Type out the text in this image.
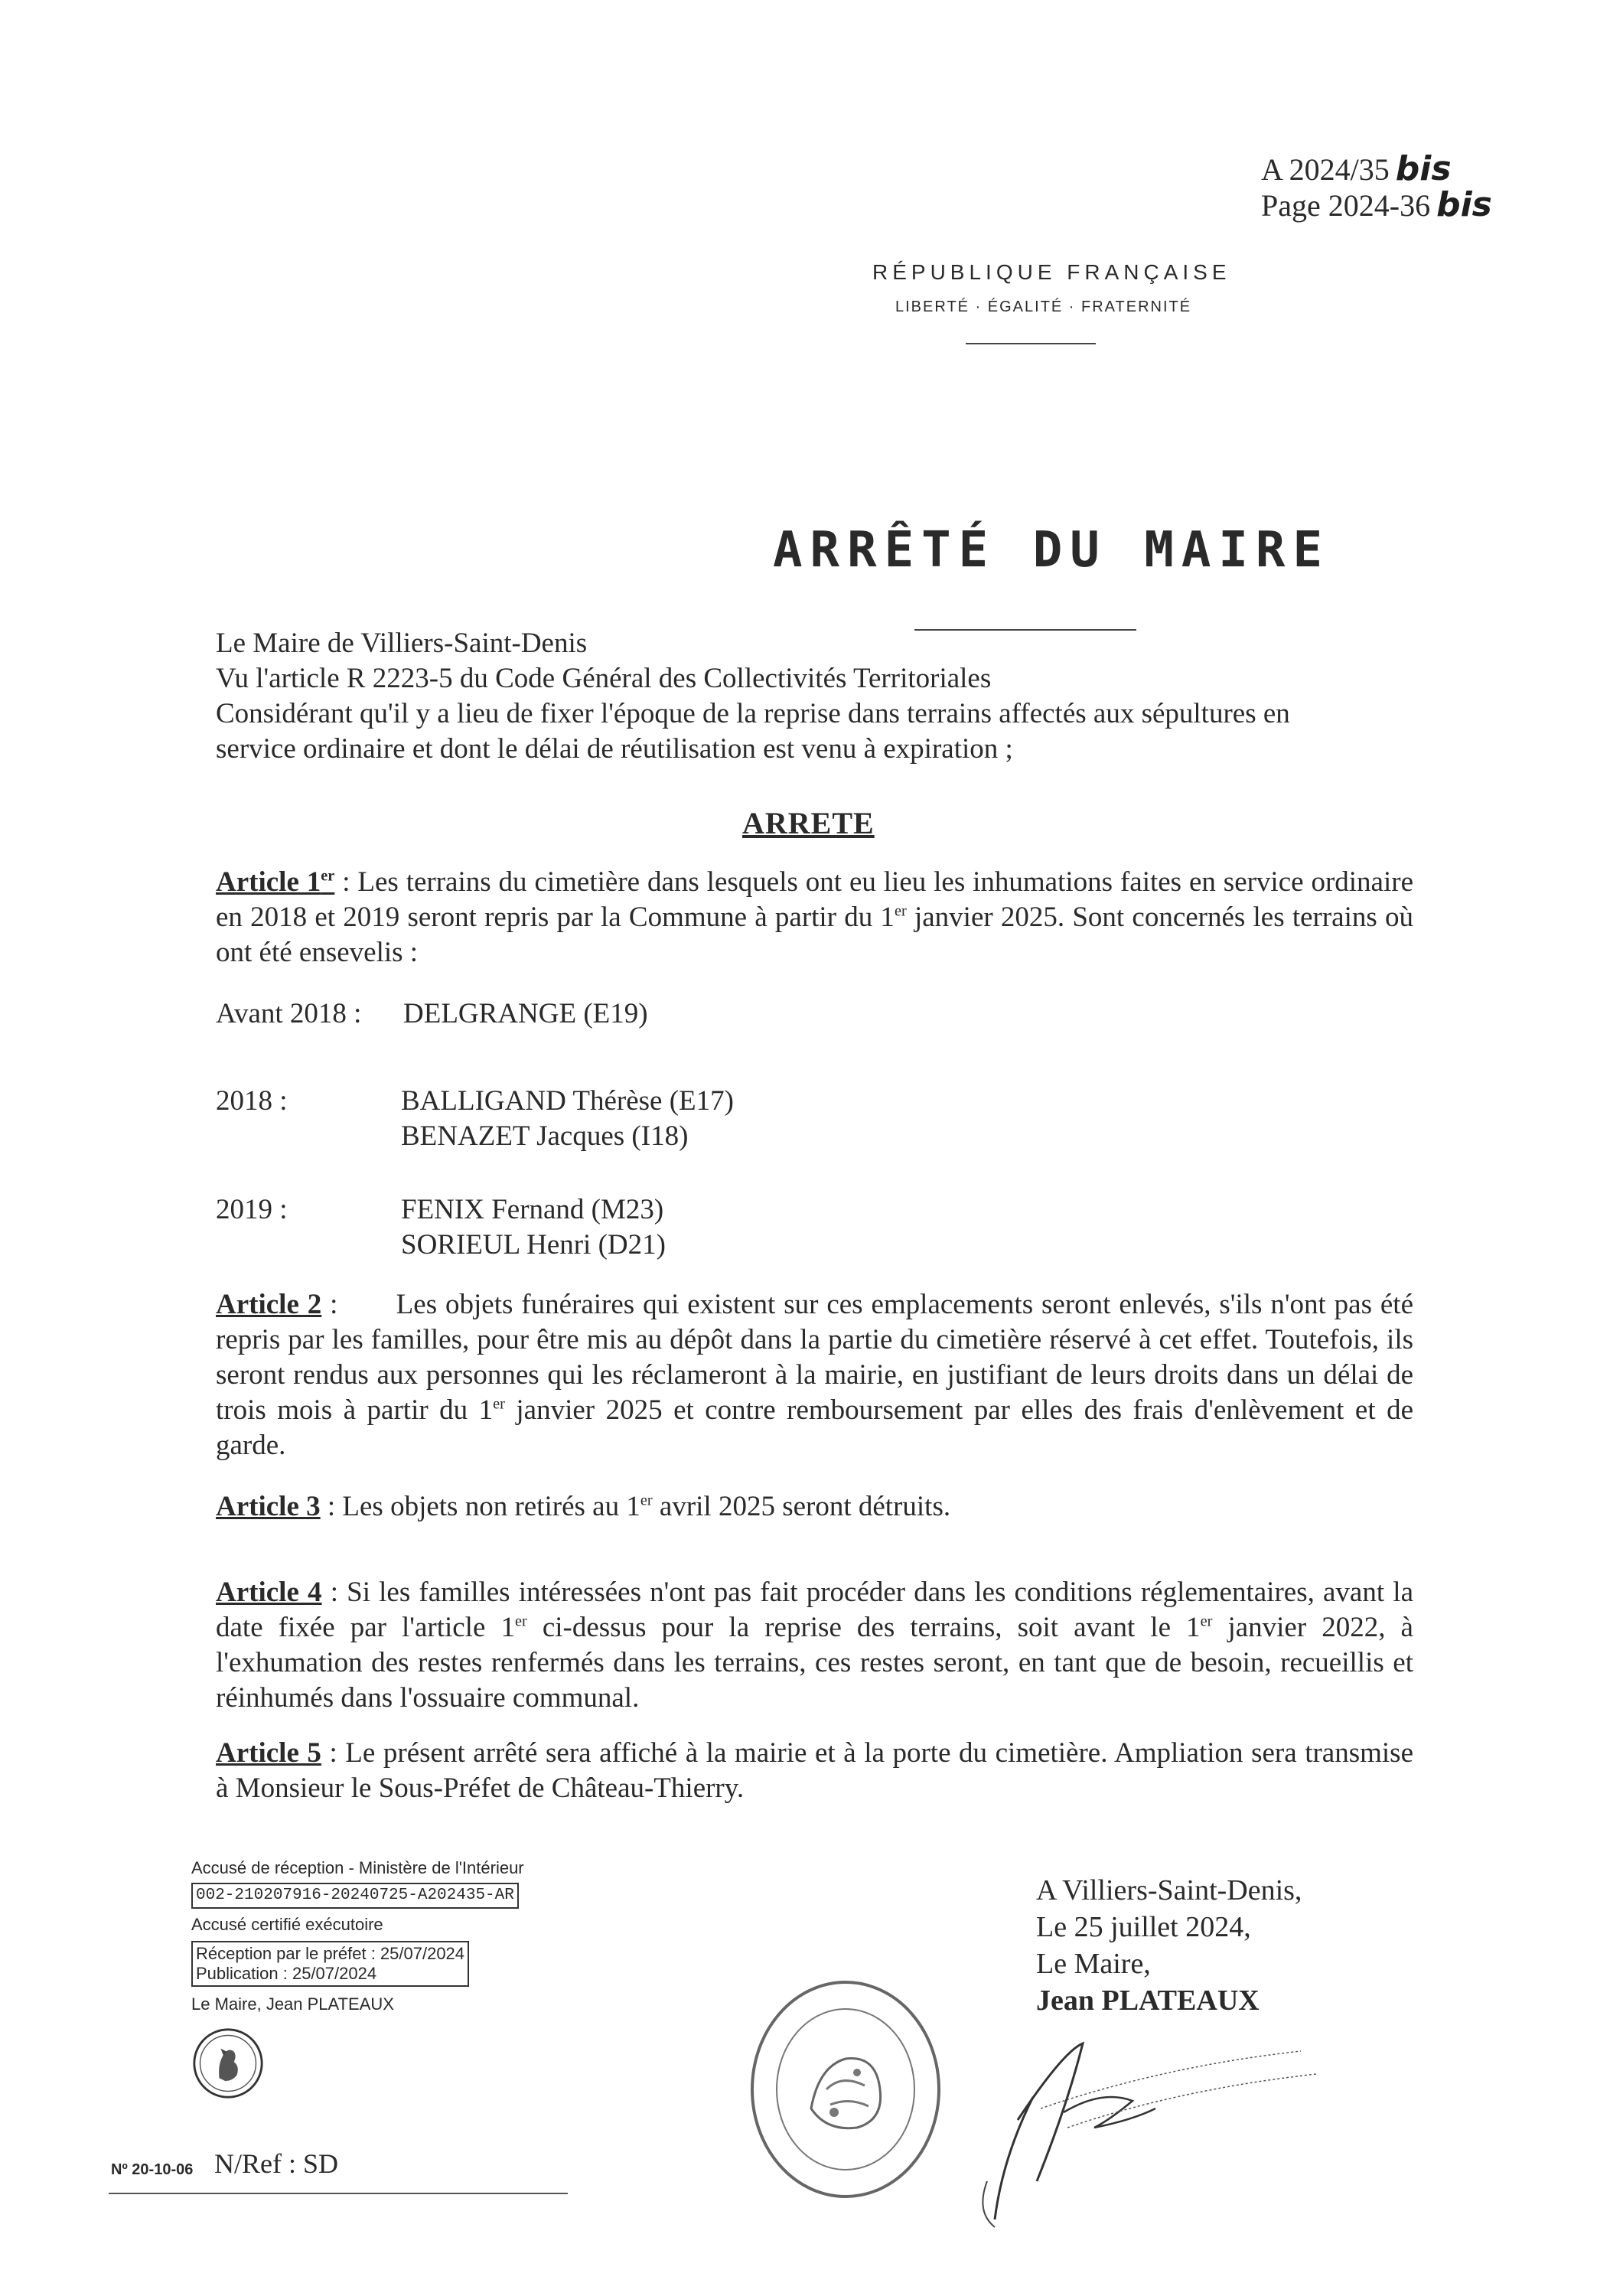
A 2024/35 bis
Page 2024-36 bis
RÉPUBLIQUE FRANÇAISE
LIBERTÉ · ÉGALITÉ · FRATERNITÉ
ARRÊTÉ DU MAIRE
Le Maire de Villiers-Saint-Denis
Vu l'article R 2223-5 du Code Général des Collectivités Territoriales
Considérant qu'il y a lieu de fixer l'époque de la reprise dans terrains affectés aux sépultures en
service ordinaire et dont le délai de réutilisation est venu à expiration ;
ARRETE
Article 1er : Les terrains du cimetière dans lesquels ont eu lieu les inhumations faites en service ordinaire en 2018 et 2019 seront repris par la Commune à partir du 1er janvier 2025. Sont concernés les terrains où ont été ensevelis :
Avant 2018 : DELGRANGE (E19)
2018 :	BALLIGAND Thérèse (E17)
BENAZET Jacques (I18)
2019 :	FENIX Fernand (M23)
SORIEUL Henri (D21)
Article 2 :       Les objets funéraires qui existent sur ces emplacements seront enlevés, s'ils n'ont pas été repris par les familles, pour être mis au dépôt dans la partie du cimetière réservé à cet effet. Toutefois, ils seront rendus aux personnes qui les réclameront à la mairie, en justifiant de leurs droits dans un délai de trois mois à partir du 1er janvier 2025 et contre remboursement par elles des frais d'enlèvement et de garde.
Article 3 : Les objets non retirés au 1er avril 2025 seront détruits.
Article 4 : Si les familles intéressées n'ont pas fait procéder dans les conditions réglementaires, avant la date fixée par l'article 1er ci-dessus pour la reprise des terrains, soit avant le 1er janvier 2022, à l'exhumation des restes renfermés dans les terrains, ces restes seront, en tant que de besoin, recueillis et réinhumés dans l'ossuaire communal.
Article 5 : Le présent arrêté sera affiché à la mairie et à la porte du cimetière. Ampliation sera transmise à Monsieur le Sous-Préfet de Château-Thierry.
Accusé de réception - Ministère de l'Intérieur
002-210207916-20240725-A202435-AR
Accusé certifié exécutoire
Réception par le préfet : 25/07/2024
Publication : 25/07/2024
Le Maire, Jean PLATEAUX
A Villiers-Saint-Denis,
Le 25 juillet 2024,
Le Maire,
Jean PLATEAUX
Nº 20-10-06 N/Ref : SD
